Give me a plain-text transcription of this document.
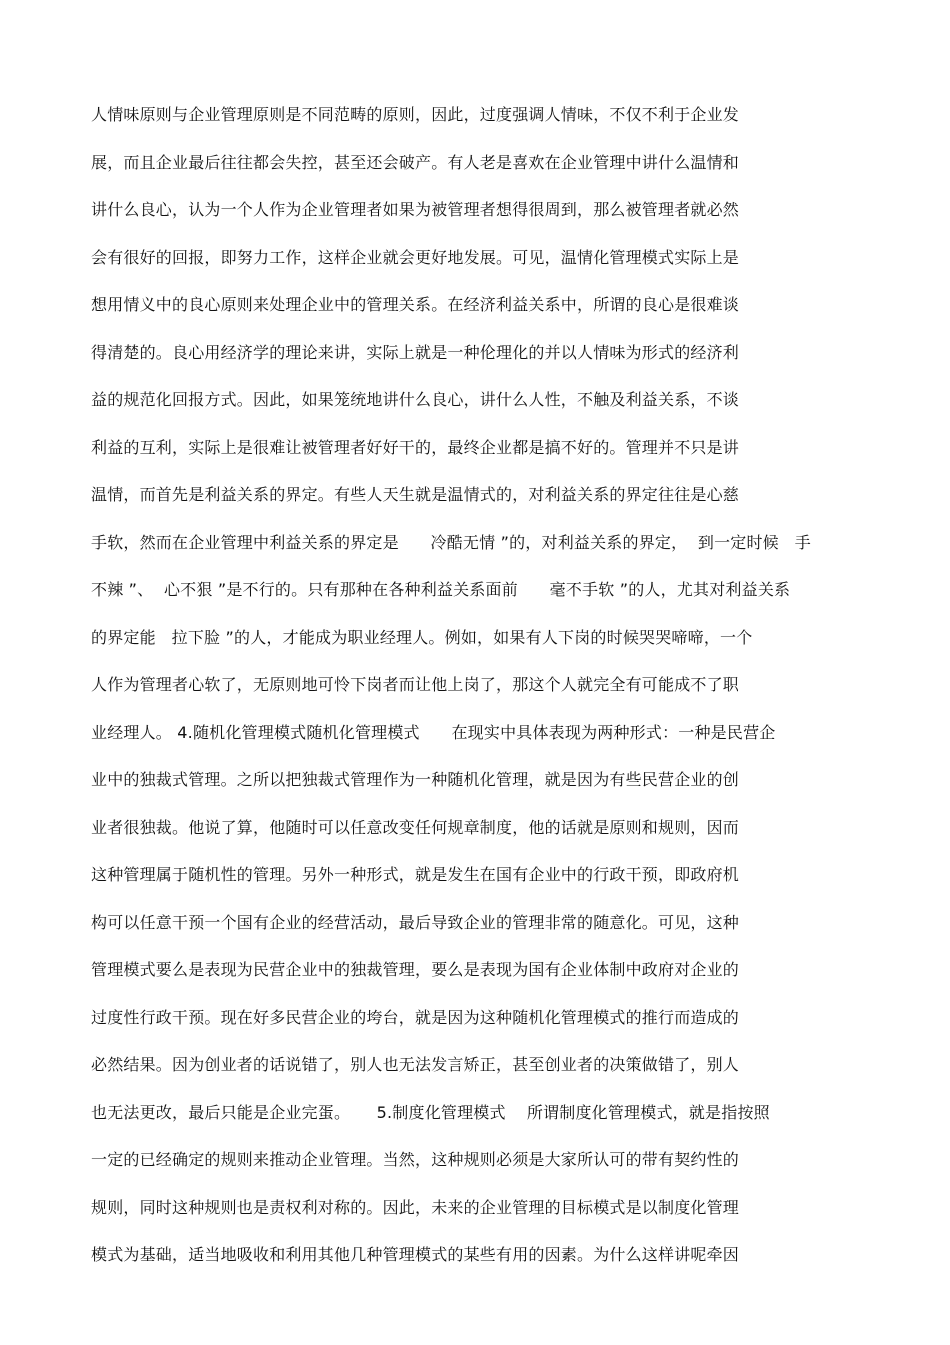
人情味原则与企业管理原则是不同范畴的原则，因此，过度强调人情味，不仅不利于企业发
展，而且企业最后往往都会失控，甚至还会破产。有人老是喜欢在企业管理中讲什么温情和
讲什么良心，认为一个人作为企业管理者如果为被管理者想得很周到，那么被管理者就必然
会有很好的回报，即努力工作，这样企业就会更好地发展。可见，温情化管理模式实际上是
想用情义中的良心原则来处理企业中的管理关系。在经济利益关系中，所谓的良心是很难谈
得清楚的。良心用经济学的理论来讲，实际上就是一种伦理化的并以人情味为形式的经济利
益的规范化回报方式。因此，如果笼统地讲什么良心，讲什么人性，不触及利益关系，不谈
利益的互利，实际上是很难让被管理者好好干的，最终企业都是搞不好的。管理并不只是讲
温情，而首先是利益关系的界定。有些人天生就是温情式的，对利益关系的界定往往是心慈
手软，然而在企业管理中利益关系的界定是      冷酷无情 ”的，对利益关系的界定，  到一定时候   手
不辣 ”、  心不狠 ”是不行的。只有那种在各种利益关系面前      毫不手软 ”的人，尤其对利益关系
的界定能   拉下脸 ”的人，才能成为职业经理人。例如，如果有人下岗的时候哭哭啼啼，一个
人作为管理者心软了，无原则地可怜下岗者而让他上岗了，那这个人就完全有可能成不了职
业经理人。 4.随机化管理模式随机化管理模式      在现实中具体表现为两种形式：一种是民营企
业中的独裁式管理。之所以把独裁式管理作为一种随机化管理，就是因为有些民营企业的创
业者很独裁。他说了算，他随时可以任意改变任何规章制度，他的话就是原则和规则，因而
这种管理属于随机性的管理。另外一种形式，就是发生在国有企业中的行政干预，即政府机
构可以任意干预一个国有企业的经营活动，最后导致企业的管理非常的随意化。可见，这种
管理模式要么是表现为民营企业中的独裁管理，要么是表现为国有企业体制中政府对企业的
过度性行政干预。现在好多民营企业的垮台，就是因为这种随机化管理模式的推行而造成的
必然结果。因为创业者的话说错了，别人也无法发言矫正，甚至创业者的决策做错了，别人
也无法更改，最后只能是企业完蛋。     5.制度化管理模式    所谓制度化管理模式，就是指按照
一定的已经确定的规则来推动企业管理。当然，这种规则必须是大家所认可的带有契约性的
规则，同时这种规则也是责权利对称的。因此，未来的企业管理的目标模式是以制度化管理
模式为基础，适当地吸收和利用其他几种管理模式的某些有用的因素。为什么这样讲呢牵因
